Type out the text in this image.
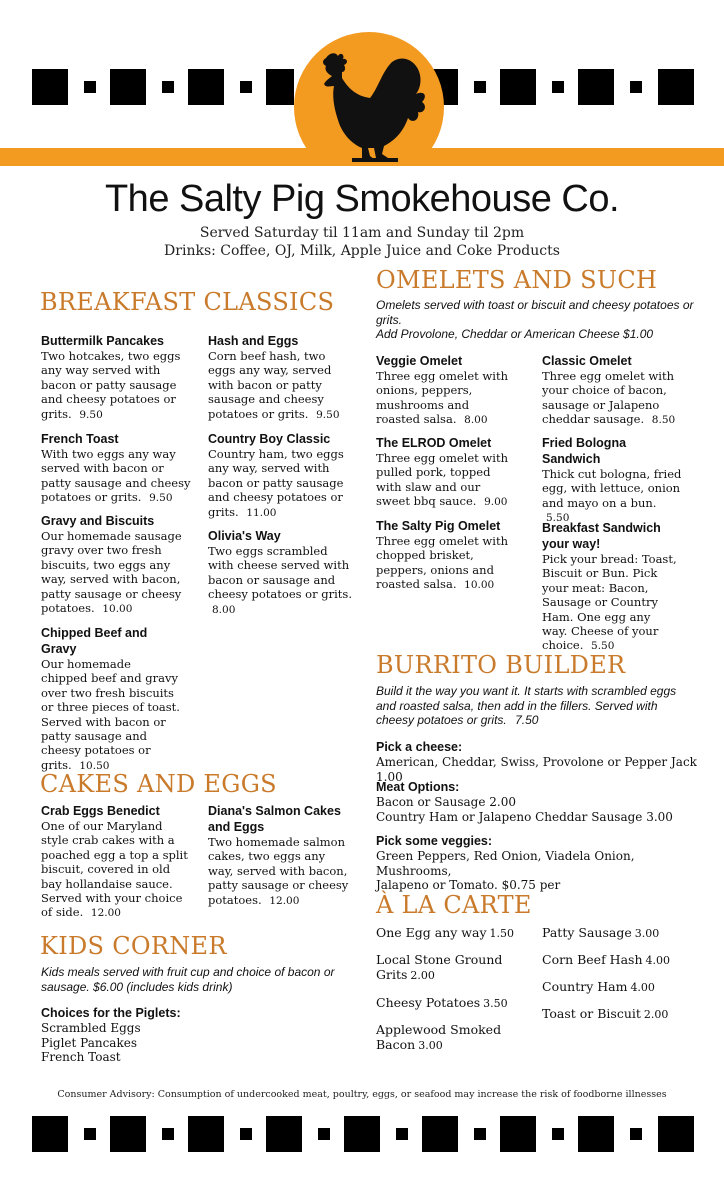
The Salty Pig Smokehouse Co.
Served Saturday til 11am and Sunday til 2pm
Drinks: Coffee, OJ, Milk, Apple Juice and Coke Products
BREAKFAST CLASSICS
Buttermilk Pancakes
Two hotcakes, two eggs any way served with bacon or patty sausage and cheesy potatoes or grits. 9.50
French Toast
With two eggs any way served with bacon or patty sausage and cheesy potatoes or grits. 9.50
Gravy and Biscuits
Our homemade sausage gravy over two fresh biscuits, two eggs any way, served with bacon, patty sausage or cheesy potatoes. 10.00
Chipped Beef and Gravy
Our homemade chipped beef and gravy over two fresh biscuits or three pieces of toast. Served with bacon or patty sausage and cheesy potatoes or grits. 10.50
Hash and Eggs
Corn beef hash, two eggs any way, served with bacon or patty sausage and cheesy potatoes or grits. 9.50
Country Boy Classic
Country ham, two eggs any way, served with bacon or patty sausage and cheesy potatoes or grits. 11.00
Olivia's Way
Two eggs scrambled with cheese served with bacon or sausage and cheesy potatoes or grits. 8.00
CAKES AND EGGS
Crab Eggs Benedict
One of our Maryland style crab cakes with a poached egg a top a split biscuit, covered in old bay hollandaise sauce. Served with your choice of side. 12.00
Diana's Salmon Cakes and Eggs
Two homemade salmon cakes, two eggs any way, served with bacon, patty sausage or cheesy potatoes. 12.00
KIDS CORNER
Kids meals served with fruit cup and choice of bacon or sausage. $6.00 (includes kids drink)
Choices for the Piglets:
Scrambled Eggs
Piglet Pancakes
French Toast
OMELETS AND SUCH
Omelets served with toast or biscuit and cheesy potatoes or grits.
Add Provolone, Cheddar or American Cheese $1.00
Veggie Omelet
Three egg omelet with onions, peppers, mushrooms and roasted salsa. 8.00
The ELROD Omelet
Three egg omelet with pulled pork, topped with slaw and our sweet bbq sauce. 9.00
The Salty Pig Omelet
Three egg omelet with chopped brisket, peppers, onions and roasted salsa. 10.00
Classic Omelet
Three egg omelet with your choice of bacon, sausage or Jalapeno cheddar sausage. 8.50
Fried Bologna Sandwich
Thick cut bologna, fried egg, with lettuce, onion and mayo on a bun. 5.50
Breakfast Sandwich your way!
Pick your bread: Toast, Biscuit or Bun. Pick your meat: Bacon, Sausage or Country Ham. One egg any way. Cheese of your choice. 5.50
BURRITO BUILDER
Build it the way you want it. It starts with scrambled eggs and roasted salsa, then add in the fillers. Served with cheesy potatoes or grits. 7.50
Pick a cheese:
American, Cheddar, Swiss, Provolone or Pepper Jack 1.00
Meat Options:
Bacon or Sausage 2.00
Country Ham or Jalapeno Cheddar Sausage 3.00
Pick some veggies:
Green Peppers, Red Onion, Viadela Onion, Mushrooms,
Jalapeno or Tomato. $0.75 per
À LA CARTE
One Egg any way 1.50
Local Stone Ground Grits 2.00
Cheesy Potatoes 3.50
Applewood Smoked Bacon 3.00
Patty Sausage 3.00
Corn Beef Hash 4.00
Country Ham 4.00
Toast or Biscuit 2.00
Consumer Advisory: Consumption of undercooked meat, poultry, eggs, or seafood may increase the risk of foodborne illnesses
